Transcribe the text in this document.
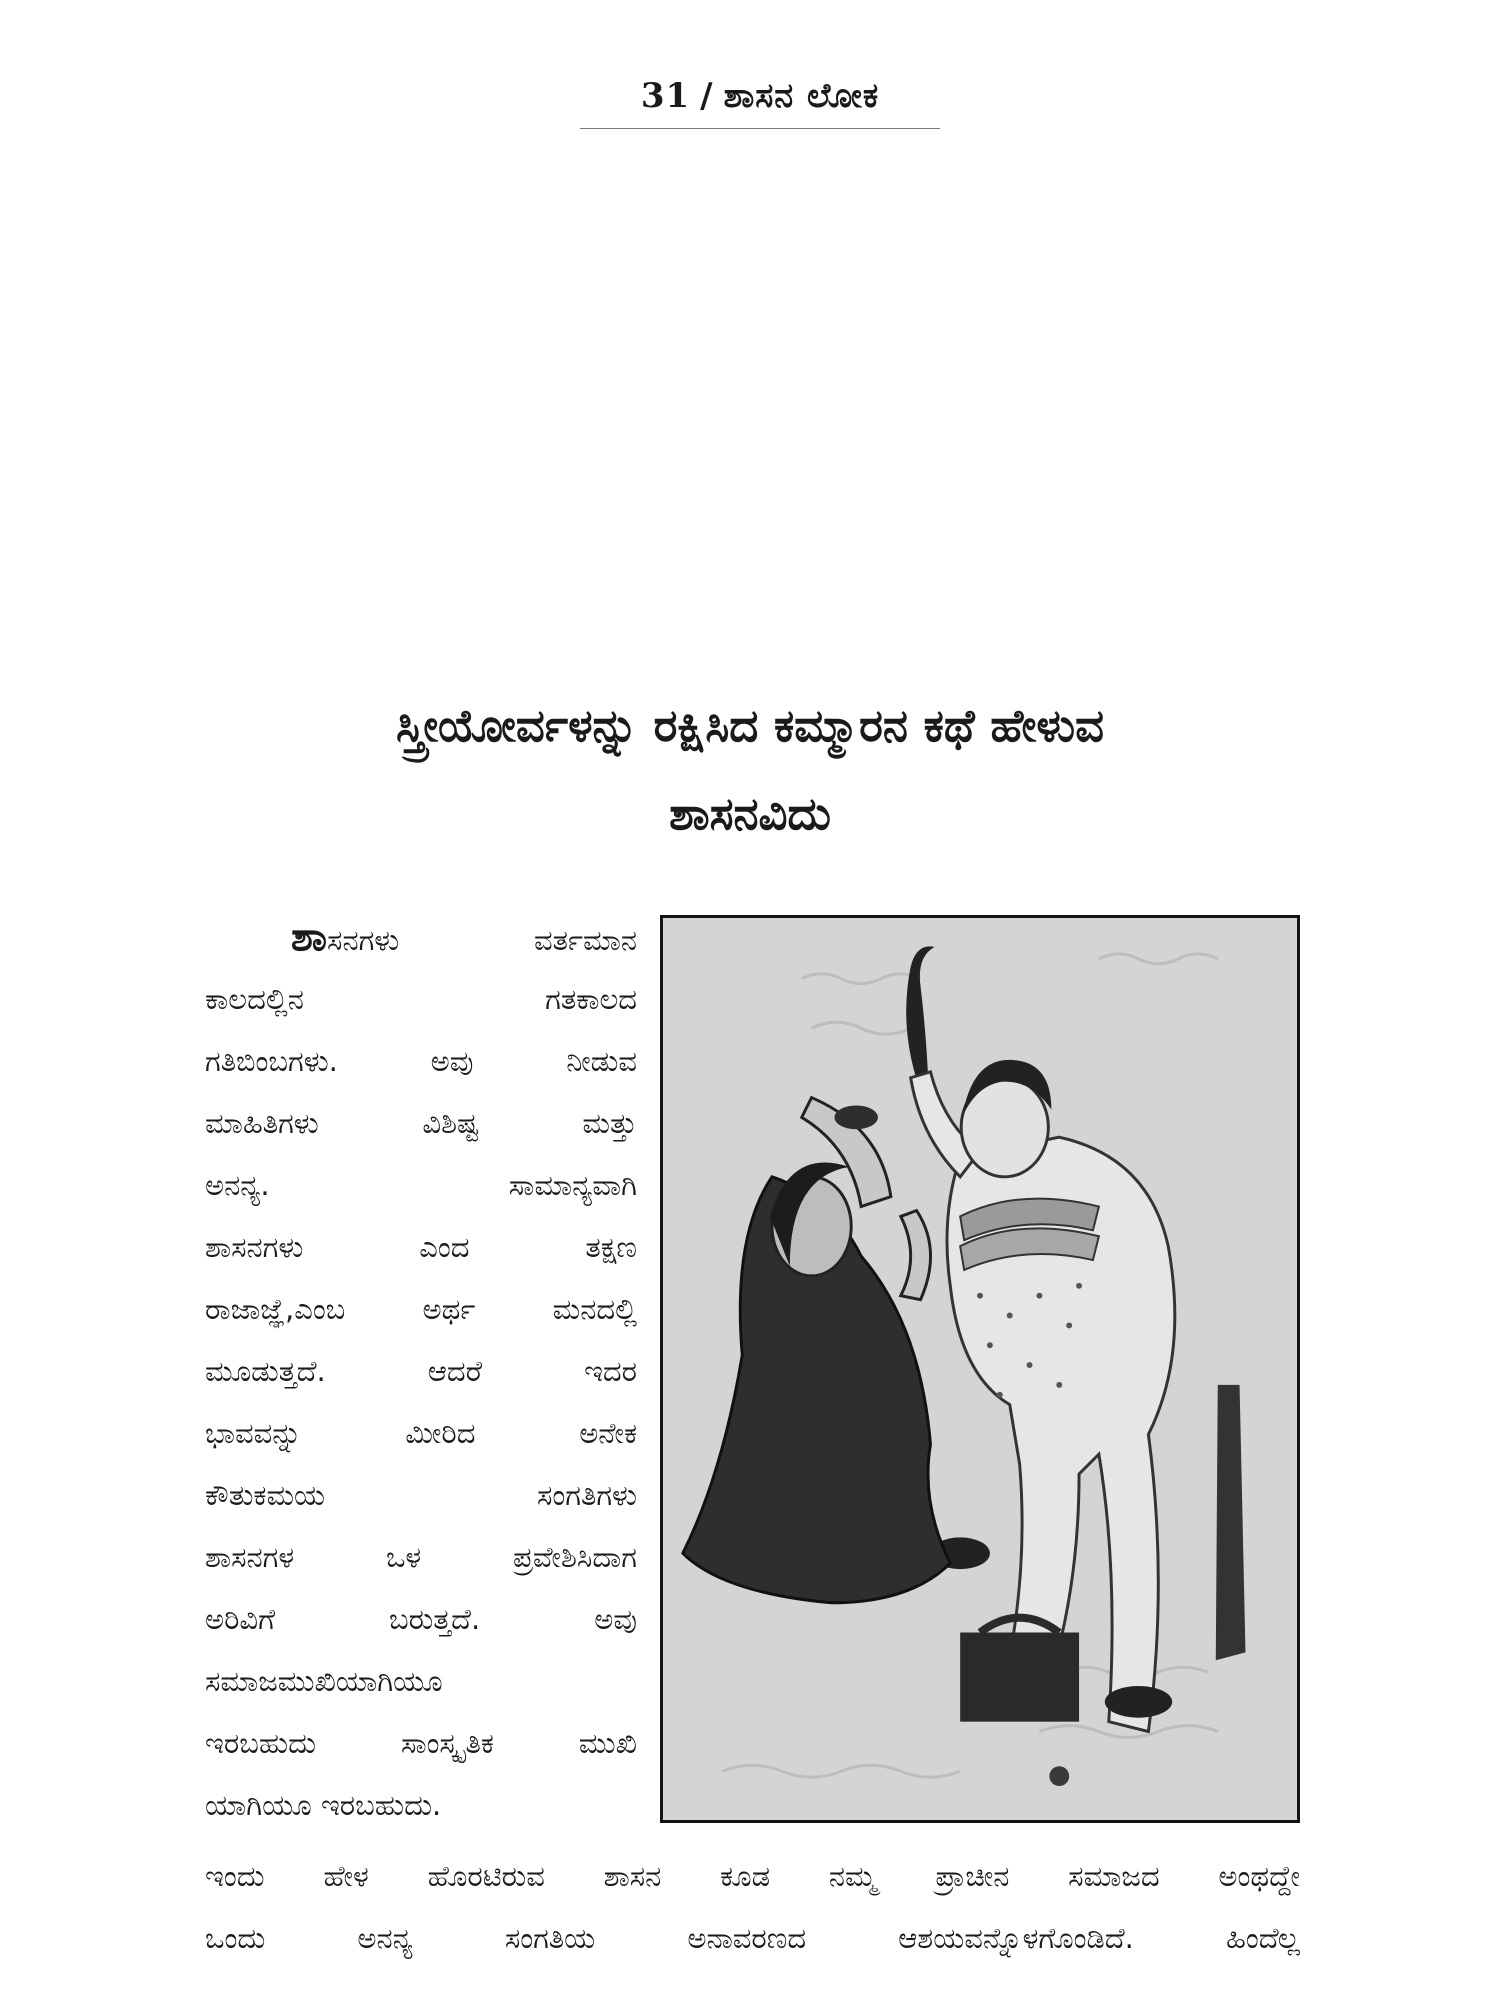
31 / ಶಾಸನ ಲೋಕ
ಸ್ತ್ರೀಯೋರ್ವಳನ್ನು ರಕ್ಷಿಸಿದ ಕಮ್ಮಾರನ ಕಥೆ ಹೇಳುವ
ಶಾಸನವಿದು
ಶಾಸನಗಳು ವರ್ತಮಾನ
ಕಾಲದಲ್ಲಿನ ಗತಕಾಲದ
ಗತಿಬಿಂಬಗಳು. ಅವು ನೀಡುವ
ಮಾಹಿತಿಗಳು ವಿಶಿಷ್ಟ ಮತ್ತು
ಅನನ್ಯ. ಸಾಮಾನ್ಯವಾಗಿ
ಶಾಸನಗಳು ಎಂದ ತಕ್ಷಣ
ರಾಜಾಜ್ಞೆ,ಎಂಬ ಅರ್ಥ ಮನದಲ್ಲಿ
ಮೂಡುತ್ತದೆ. ಆದರೆ ಇದರ
ಭಾವವನ್ನು ಮೀರಿದ ಅನೇಕ
ಕೌತುಕಮಯ ಸಂಗತಿಗಳು
ಶಾಸನಗಳ ಒಳ ಪ್ರವೇಶಿಸಿದಾಗ
ಅರಿವಿಗೆ ಬರುತ್ತದೆ. ಅವು
ಸಮಾಜಮುಖಿಯಾಗಿಯೂ
ಇರಬಹುದು ಸಾಂಸ್ಕೃತಿಕ ಮುಖಿ
ಯಾಗಿಯೂ ಇರಬಹುದು.
ಇಂದು ಹೇಳ ಹೊರಟಿರುವ ಶಾಸನ ಕೂಡ ನಮ್ಮ ಪ್ರಾಚೀನ ಸಮಾಜದ ಅಂಥದ್ದೇ
ಒಂದು ಅನನ್ಯ ಸಂಗತಿಯ ಅನಾವರಣದ ಆಶಯವನ್ನೊಳಗೊಂಡಿದೆ. ಹಿಂದೆಲ್ಲ
